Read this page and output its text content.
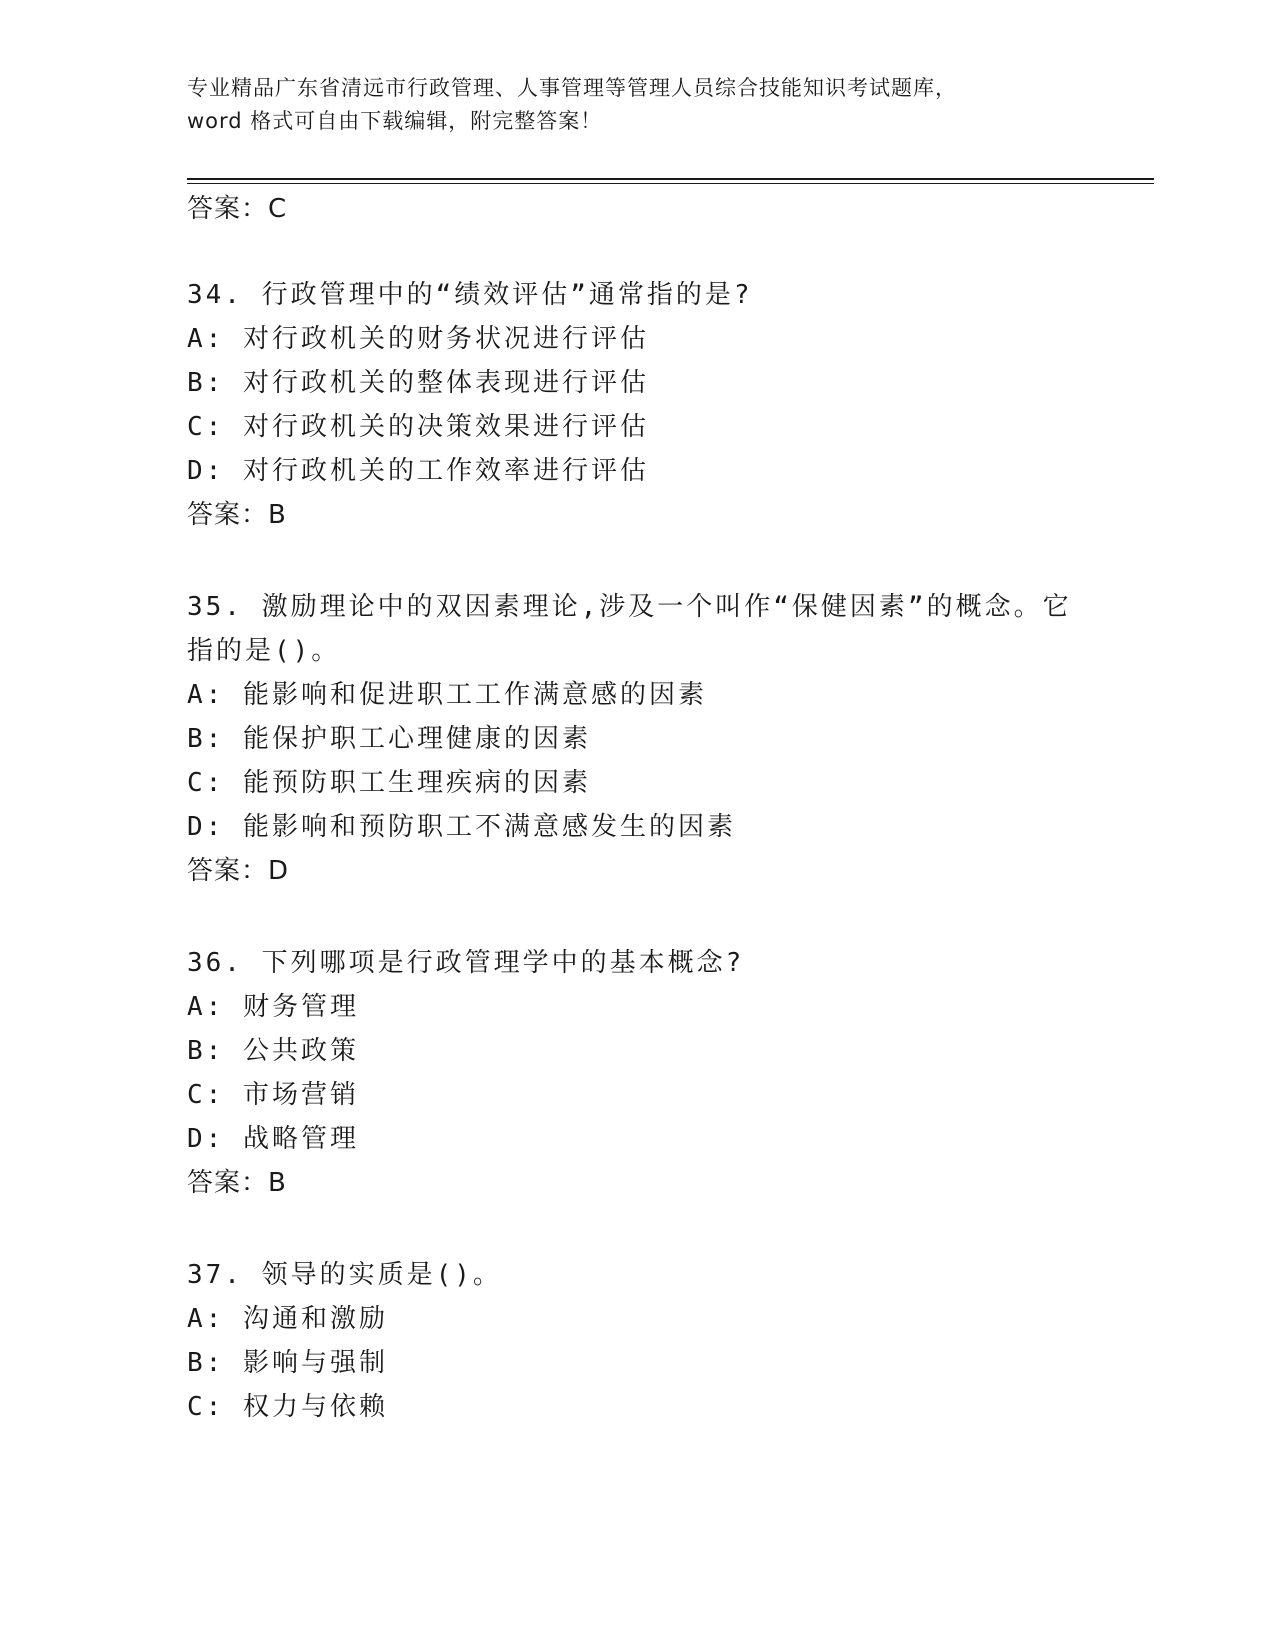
专业精品广东省清远市行政管理、人事管理等管理人员综合技能知识考试题库，
word 格式可自由下载编辑，附完整答案！
答案：C
34. 行政管理中的“绩效评估”通常指的是?
A: 对行政机关的财务状况进行评估
B: 对行政机关的整体表现进行评估
C: 对行政机关的决策效果进行评估
D: 对行政机关的工作效率进行评估
答案：B
35. 激励理论中的双因素理论,涉及一个叫作“保健因素”的概念。它
指的是()。
A: 能影响和促进职工工作满意感的因素
B: 能保护职工心理健康的因素
C: 能预防职工生理疾病的因素
D: 能影响和预防职工不满意感发生的因素
答案：D
36. 下列哪项是行政管理学中的基本概念?
A: 财务管理
B: 公共政策
C: 市场营销
D: 战略管理
答案：B
37. 领导的实质是()。
A: 沟通和激励
B: 影响与强制
C: 权力与依赖
